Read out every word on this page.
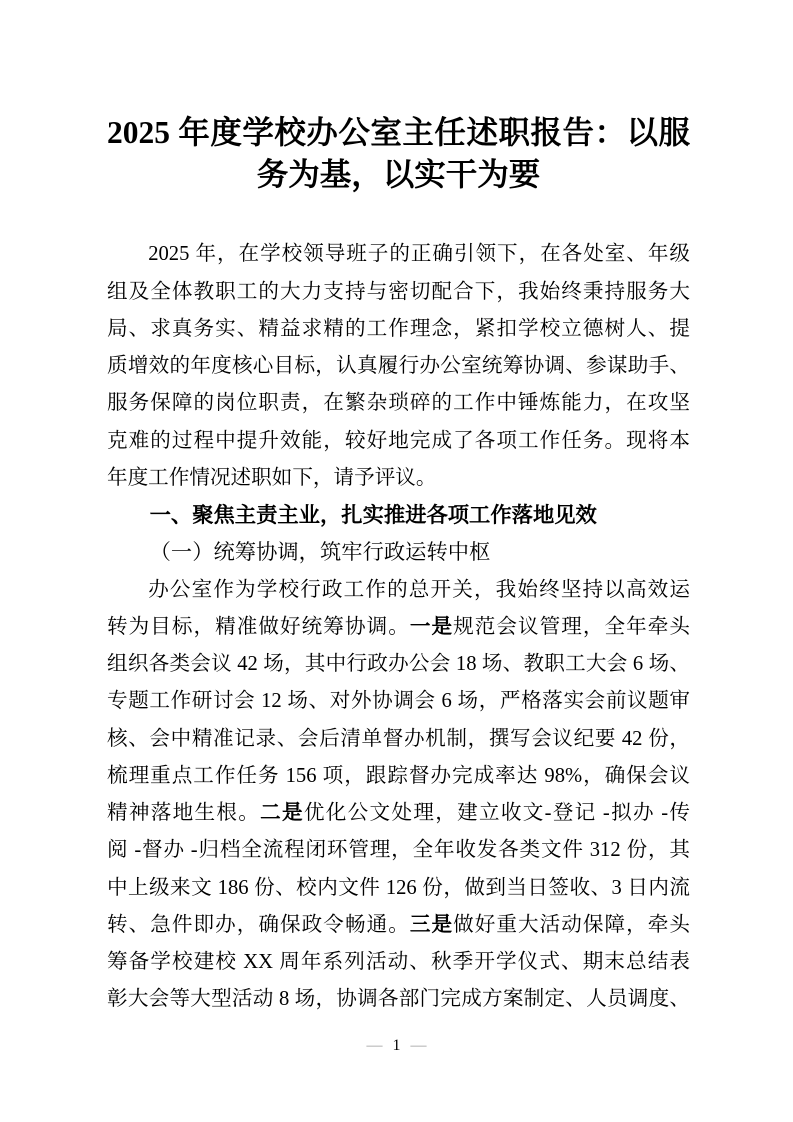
2025 年度学校办公室主任述职报告：以服
务为基，以实干为要
2025 年，在学校领导班子的正确引领下，在各处室、年级
组及全体教职工的大力支持与密切配合下，我始终秉持服务大
局、求真务实、精益求精的工作理念，紧扣学校立德树人、提
质增效的年度核心目标，认真履行办公室统筹协调、参谋助手、
服务保障的岗位职责，在繁杂琐碎的工作中锤炼能力，在攻坚
克难的过程中提升效能，较好地完成了各项工作任务。现将本
年度工作情况述职如下，请予评议。
一、聚焦主责主业，扎实推进各项工作落地见效
（一）统筹协调，筑牢行政运转中枢
办公室作为学校行政工作的总开关，我始终坚持以高效运
转为目标，精准做好统筹协调。一是规范会议管理，全年牵头
组织各类会议 42 场，其中行政办公会 18 场、教职工大会 6 场、
专题工作研讨会 12 场、对外协调会 6 场，严格落实会前议题审
核、会中精准记录、会后清单督办机制，撰写会议纪要 42 份，
梳理重点工作任务 156 项，跟踪督办完成率达 98%，确保会议
精神落地生根。二是优化公文处理，建立收文-登记 -拟办 -传
阅 -督办 -归档全流程闭环管理，全年收发各类文件 312 份，其
中上级来文 186 份、校内文件 126 份，做到当日签收、3 日内流
转、急件即办，确保政令畅通。三是做好重大活动保障，牵头
筹备学校建校 XX 周年系列活动、秋季开学仪式、期末总结表
彰大会等大型活动 8 场，协调各部门完成方案制定、人员调度、
— 1 —
